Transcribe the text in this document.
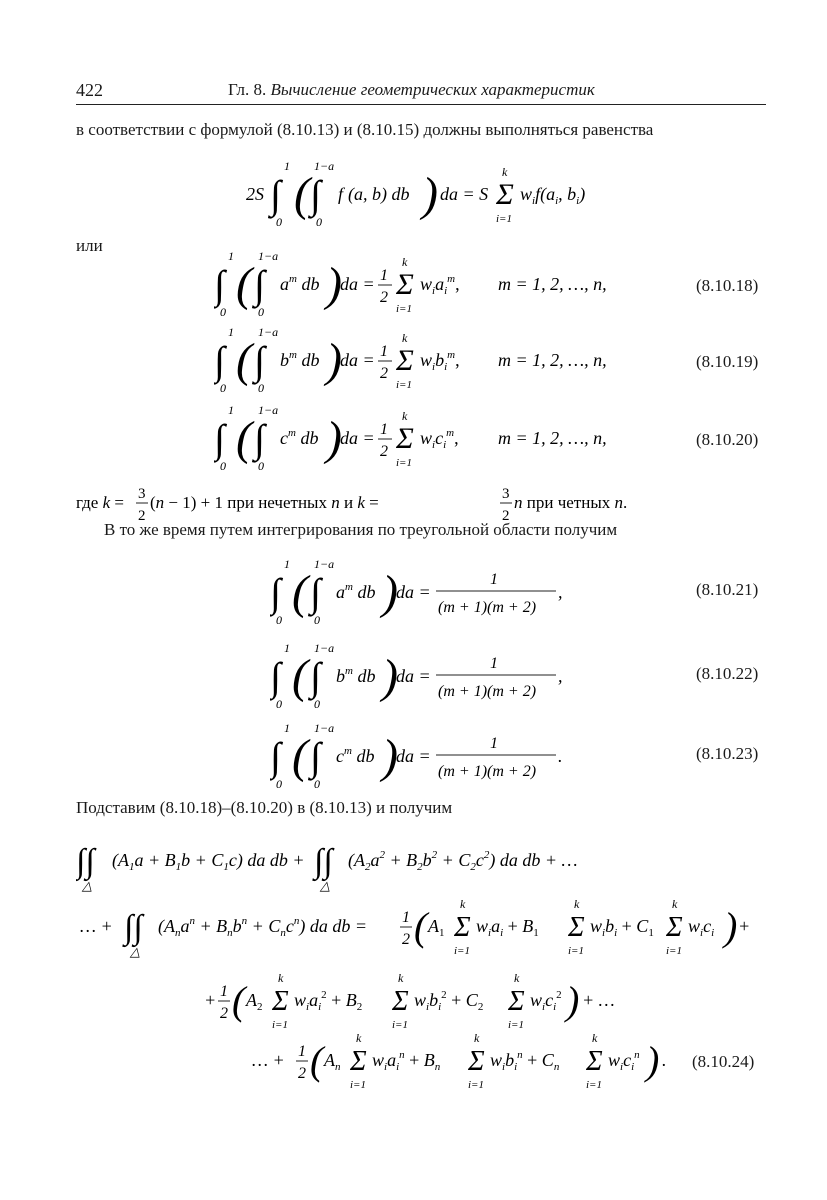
422	Гл. 8. Вычисление геометрических характеристик
в соответствии с формулой (8.10.13) и (8.10.15) должны выполняться равенства
2S ∫
1
0
( ∫
1−a
0
f (a, b) db ) da = S Σ
k
i=1
$w_if(a_i$, $b_i$)
или
∫
1
0
( ∫
1−a
0
$a^m$ db )
da = 1
2 Σ
k
i=1
$w_ia_i^m$, m = 1, 2, …, n,	(8.10.18)
∫
1
0
( ∫
1−a
0
$b^m$ db )
da = 1
2 Σ
k
i=1
$w_ib_i^m$, m = 1, 2, …, n,	(8.10.19)
∫
1
0
( ∫
1−a
0
$c^m$ db )
da = 1
2 Σ
k
i=1
$w_ic_i^m$, m = 1, 2, …, n,	(8.10.20)
где k = 3
2
(n − 1) + 1 при нечетных n и k =	3
2
n при четных n.
В то же время путем интегрирования по треугольной области получим
∫
1
0
( ∫
1−a
0
$a^m$ db )
da =
1
(m + 1)(m + 2)
,	(8.10.21)
∫
1
0
( ∫
1−a
0
$b^m$ db )
da =
1
(m + 1)(m + 2)
,	(8.10.22)
∫
1
0
( ∫
1−a
0
$c^m$ db )
da =
1
(m + 1)(m + 2)
.	(8.10.23)
Подставим (8.10.18)–(8.10.20) в (8.10.13) и получим
∫∫
△
$(A_1a + B_1b + C_1c)$ da db + ∫∫
△
$(A_2a^2 + B_2b^2 + C_2c^2)$ da db + …
… + ∫∫
△
$(A_na^n + B_nb^n + C_nc^n)$ da db = 1
2 ( $A_1$ Σ
k
i=1
$w_ia_i + B_1$ Σ
k
i=1
$w_ib_i + C_1$ Σ
k
i=1
$w_ic_i$ ) +
+ 1
2 ( $A_2$ Σ
k
i=1
$w_ia_i^2 + B_2$ Σ
k
i=1
$w_ib_i^2 + C_2$ Σ
k
i=1
$w_ic_i^2$ ) + …
… + 1
2 ( $A_n$ Σ
k
i=1
$w_ia_i^n + B_n$ Σ
k
i=1
$w_ib_i^n + C_n$ Σ
k
i=1
$w_ic_i^n$ ) . (8.10.24)
